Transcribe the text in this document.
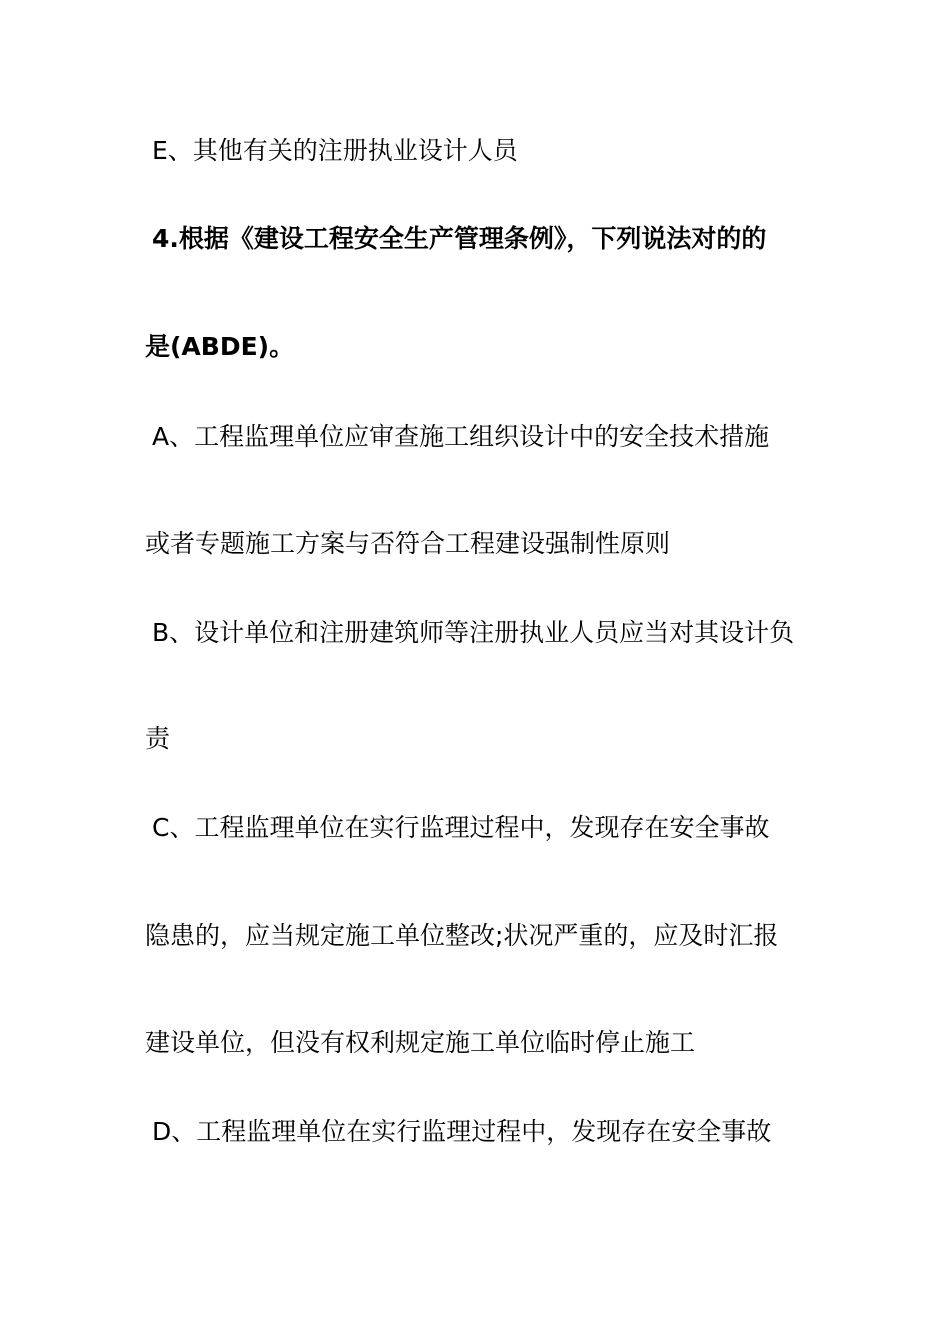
E、其他有关的注册执业设计人员
4.根据《建设工程安全生产管理条例》，下列说法对的的
是(ABDE)。
A、工程监理单位应审查施工组织设计中的安全技术措施
或者专题施工方案与否符合工程建设强制性原则
B、设计单位和注册建筑师等注册执业人员应当对其设计负
责
C、工程监理单位在实行监理过程中，发现存在安全事故
隐患的，应当规定施工单位整改;状况严重的，应及时汇报
建设单位，但没有权利规定施工单位临时停止施工
D、工程监理单位在实行监理过程中，发现存在安全事故
